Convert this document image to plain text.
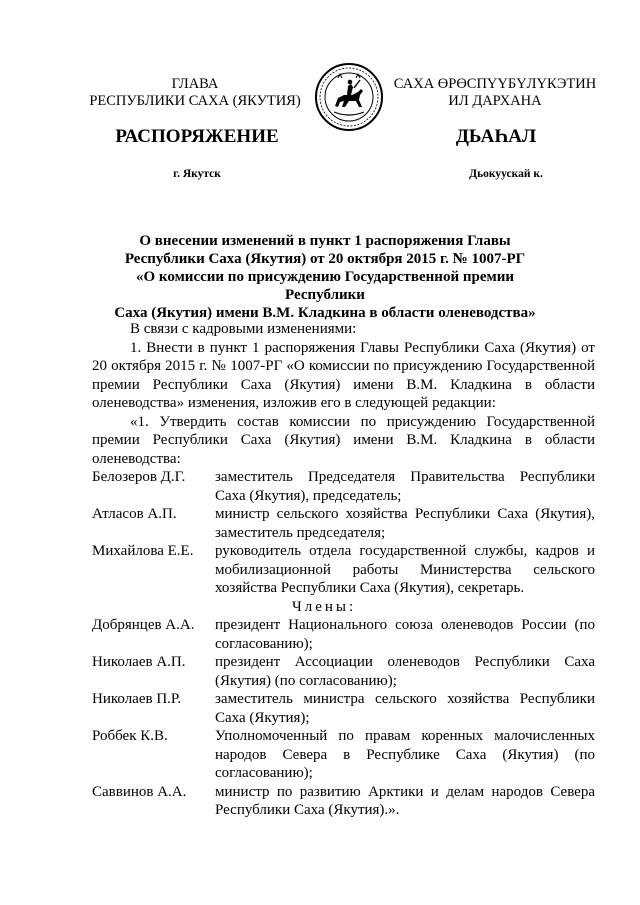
ГЛАВА
РЕСПУБЛИКИ САХА (ЯКУТИЯ)
САХА ӨРӨСПҮҮБҮЛҮКЭТИН
ИЛ ДАРХАНА
РАСПОРЯЖЕНИЕ	ДЬАҺАЛ
г. Якутск	Дьокуускай к.
О внесении изменений в пункт 1 распоряжения Главы
Республики Саха (Якутия) от 20 октября 2015 г. № 1007-РГ
«О комиссии по присуждению Государственной премии Республики
Саха (Якутия) имени В.М. Кладкина в области оленеводства»

В связи с кадровыми изменениями:

1. Внести в пункт 1 распоряжения Главы Республики Саха (Якутия) от 20 октября 2015 г. № 1007-РГ «О комиссии по присуждению Государственной премии Республики Саха (Якутия) имени В.М. Кладкина в области оленеводства» изменения, изложив его в следующей редакции:

«1. Утвердить состав комиссии по присуждению Государственной премии Республики Саха (Якутия) имени В.М. Кладкина в области оленеводства:

Белозеров Д.Г.	заместитель Председателя Правительства Республики Саха (Якутия), председатель;
Атласов А.П.	министр сельского хозяйства Республики Саха (Якутия), заместитель председателя;
Михайлова Е.Е.	руководитель отдела государственной службы, кадров и мобилизационной работы Министерства сельского хозяйства Республики Саха (Якутия), секретарь.

Члены:

Добрянцев А.А.	президент Национального союза оленеводов России (по согласованию);
Николаев А.П.	президент Ассоциации оленеводов Республики Саха (Якутия) (по согласованию);
Николаев П.Р.	заместитель министра сельского хозяйства Республики Саха (Якутия);
Роббек К.В.	Уполномоченный по правам коренных малочисленных народов Севера в Республике Саха (Якутия) (по согласованию);
Саввинов А.А.	министр по развитию Арктики и делам народов Севера Республики Саха (Якутия).».
